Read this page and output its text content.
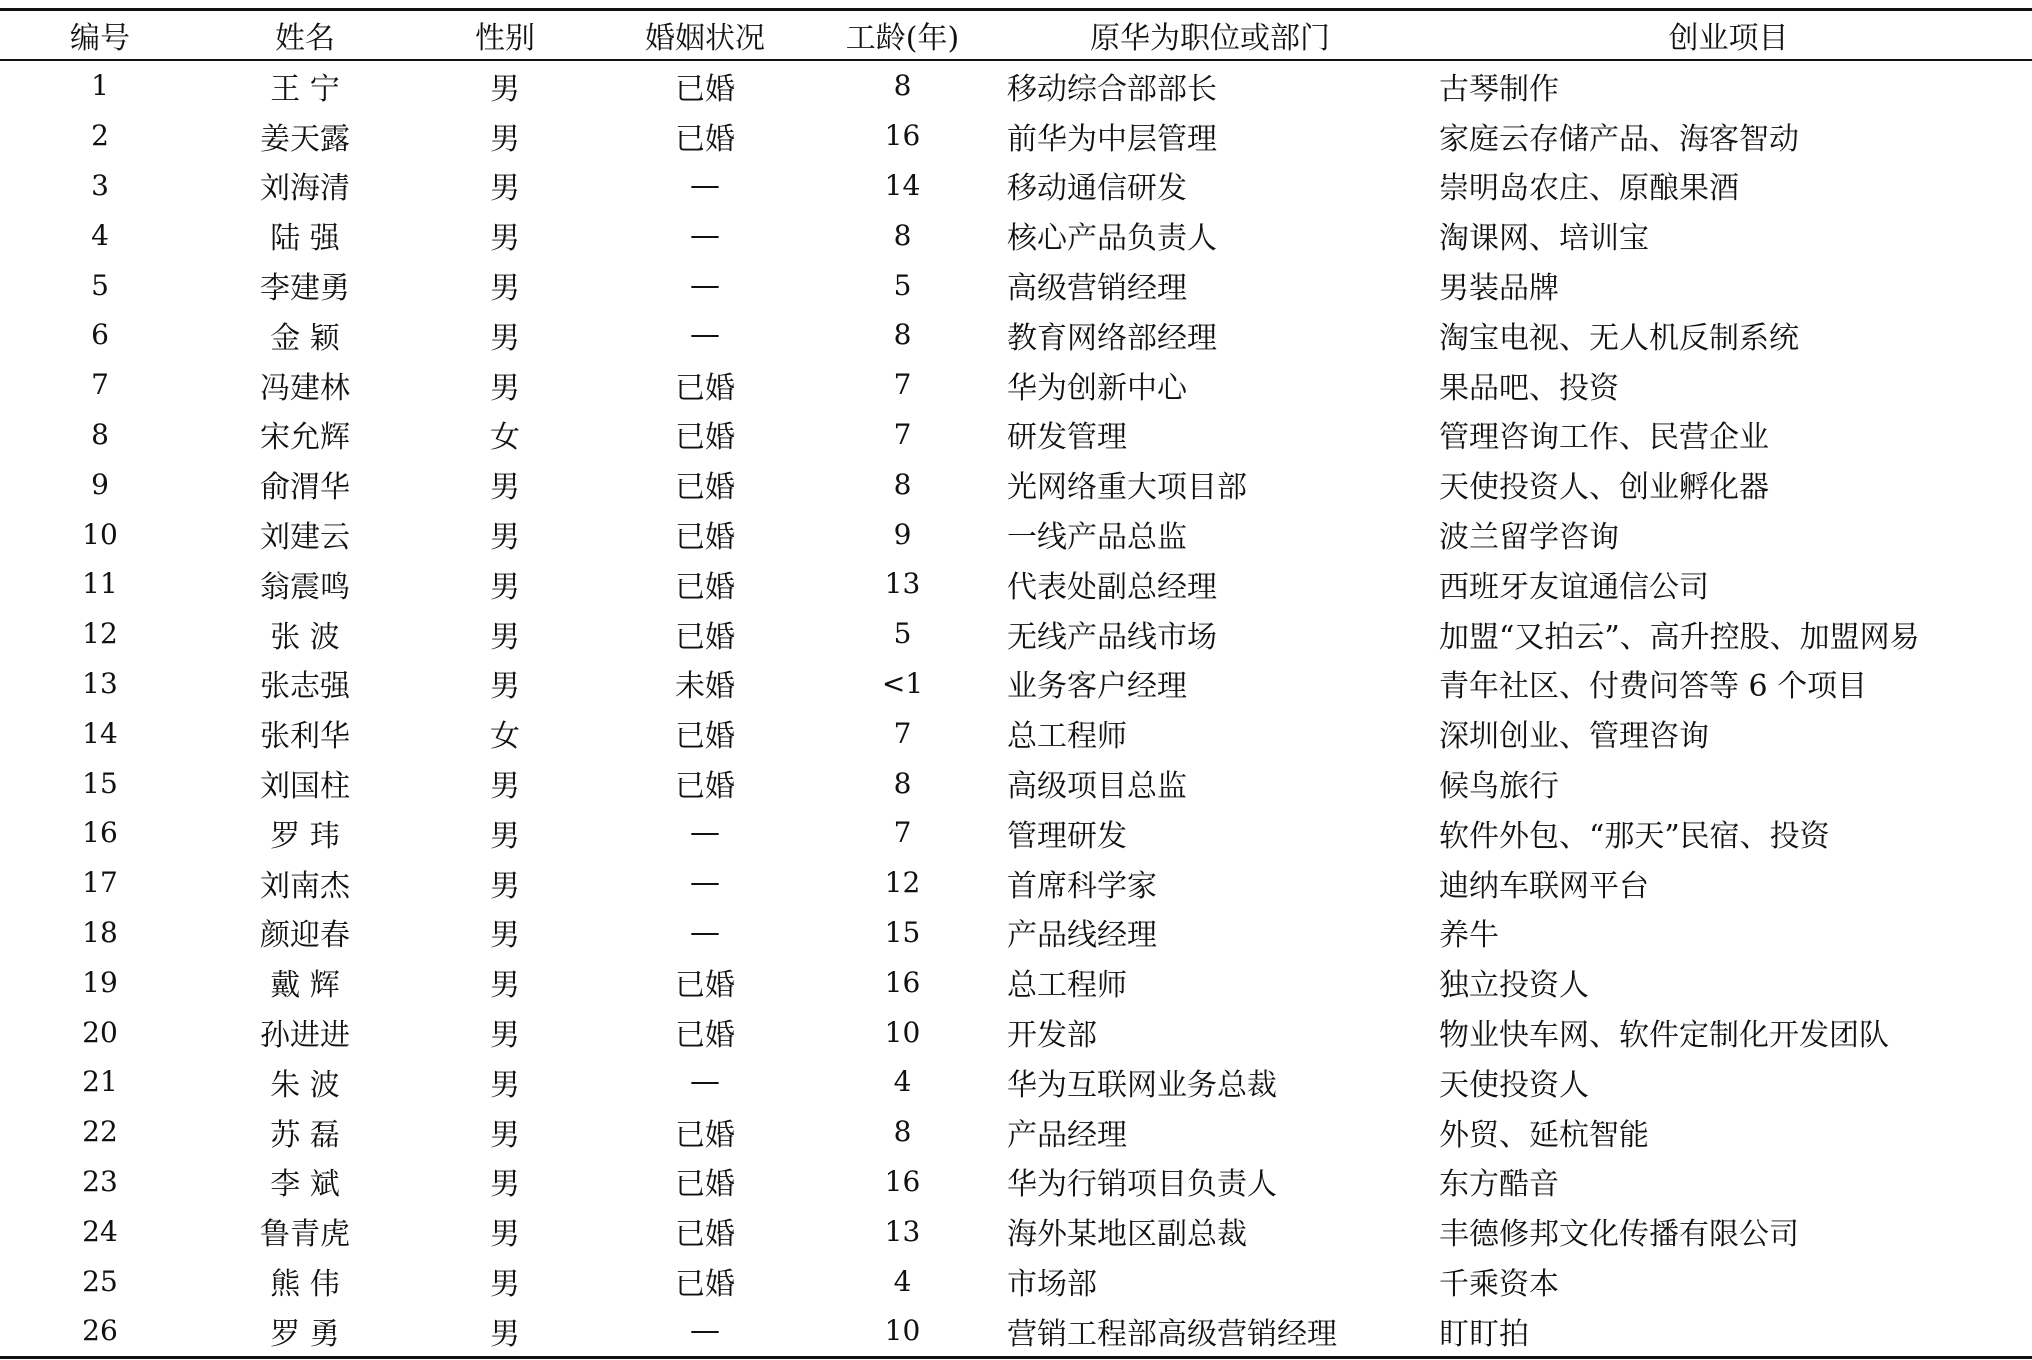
编号	姓名	性别	婚姻状况	工龄(年)	原华为职位或部门	创业项目
1	王 宁	男	已婚	8	移动综合部部长	古琴制作
2	姜天露	男	已婚	16	前华为中层管理	家庭云存储产品、海客智动
3	刘海清	男	—	14	移动通信研发	崇明岛农庄、原酿果酒
4	陆 强	男	—	8	核心产品负责人	淘课网、培训宝
5	李建勇	男	—	5	高级营销经理	男装品牌
6	金 颖	男	—	8	教育网络部经理	淘宝电视、无人机反制系统
7	冯建林	男	已婚	7	华为创新中心	果品吧、投资
8	宋允辉	女	已婚	7	研发管理	管理咨询工作、民营企业
9	俞渭华	男	已婚	8	光网络重大项目部	天使投资人、创业孵化器
10	刘建云	男	已婚	9	一线产品总监	波兰留学咨询
11	翁震鸣	男	已婚	13	代表处副总经理	西班牙友谊通信公司
12	张 波	男	已婚	5	无线产品线市场	加盟“又拍云”、高升控股、加盟网易
13	张志强	男	未婚	<1	业务客户经理	青年社区、付费问答等 6 个项目
14	张利华	女	已婚	7	总工程师	深圳创业、管理咨询
15	刘国柱	男	已婚	8	高级项目总监	候鸟旅行
16	罗 玮	男	—	7	管理研发	软件外包、“那天”民宿、投资
17	刘南杰	男	—	12	首席科学家	迪纳车联网平台
18	颜迎春	男	—	15	产品线经理	养牛
19	戴 辉	男	已婚	16	总工程师	独立投资人
20	孙进进	男	已婚	10	开发部	物业快车网、软件定制化开发团队
21	朱 波	男	—	4	华为互联网业务总裁	天使投资人
22	苏 磊	男	已婚	8	产品经理	外贸、延杭智能
23	李 斌	男	已婚	16	华为行销项目负责人	东方酷音
24	鲁青虎	男	已婚	13	海外某地区副总裁	丰德修邦文化传播有限公司
25	熊 伟	男	已婚	4	市场部	千乘资本
26	罗 勇	男	—	10	营销工程部高级营销经理	盯盯拍
